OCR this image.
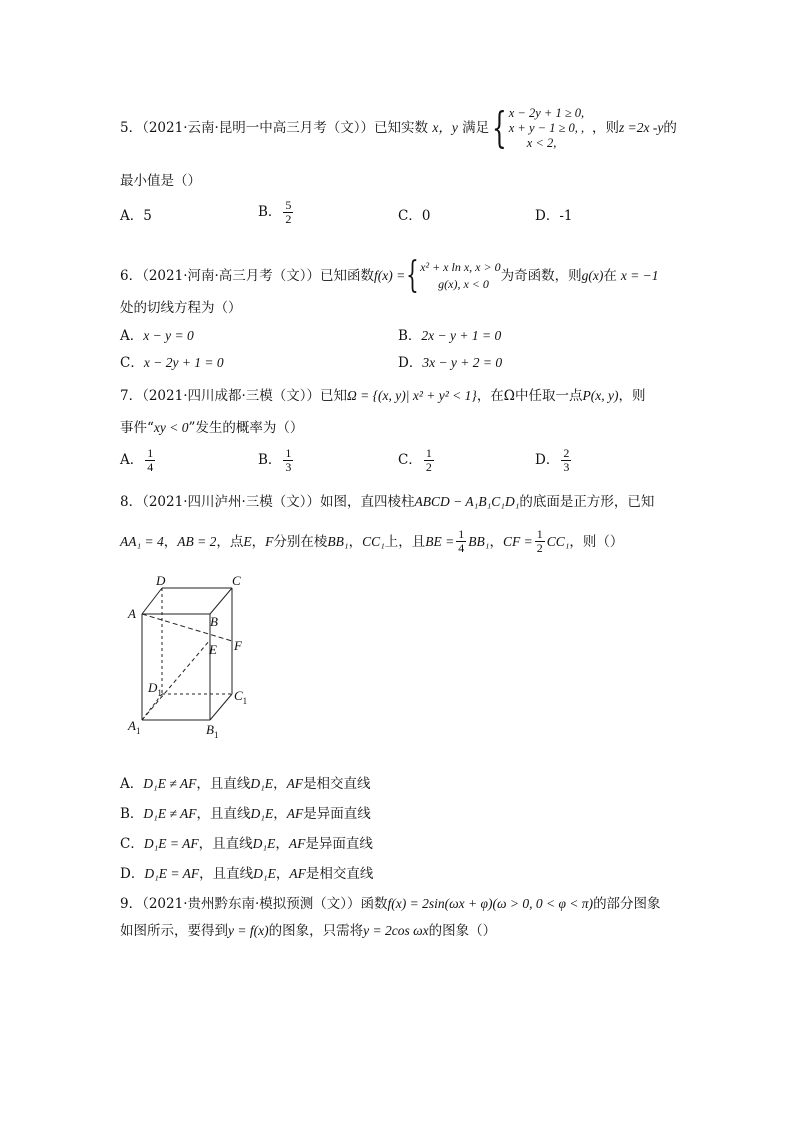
5．（2021·云南·昆明一中高三月考（文））已知实数 x，y 满足 { x − 2y + 1 ≥ 0,
x + y − 1 ≥ 0, ,
x < 2,
，则z =2x -y的
最小值是（）
A．5	B． $\frac{5}{2}$	C．0	D．-1
6．（2021·河南·高三月考（文））已知函数 f(x) = { x² + x ln x, x > 0
g(x), x < 0 为奇函数，则 g(x) 在 x = −1
处的切线方程为（）
A．x − y = 0	B．2x − y + 1 = 0
C．x − 2y + 1 = 0	D．3x − y + 2 = 0
7．（2021·四川成都·三模（文））已知Ω = {(x, y)| x² + y² < 1}，在Ω中任取一点P(x, y)，则
事件“xy < 0”发生的概率为（）
A． $\frac{1}{4}$	B． $\frac{1}{3}$	C． $\frac{1}{2}$	D． $\frac{2}{3}$
8．（2021·四川泸州·三模（文））如图，直四棱柱ABCD − A₁B₁C₁D₁的底面是正方形，已知
AA₁ = 4 ， AB = 2 ，点 E ， F 分别在棱 BB₁ ， CC₁ 上，且 BE = $\frac{1}{4} BB_1$ ， CF = $\frac{1}{2} CC_1$ ，则（）
D	C
A
B
E F
$D_1$	$C_1$
$A_1$	$B_1$
A．D₁E ≠ AF，且直线D₁E，AF是相交直线
B．D₁E ≠ AF，且直线D₁E，AF是异面直线
C．D₁E = AF，且直线D₁E，AF是异面直线
D．D₁E = AF，且直线D₁E，AF是相交直线
9．（2021·贵州黔东南·模拟预测（文））函数f(x) = 2sin(ωx + φ)(ω > 0, 0 < φ < π)的部分图象
如图所示，要得到y = f(x)的图象，只需将y = 2cos ωx的图象（）
